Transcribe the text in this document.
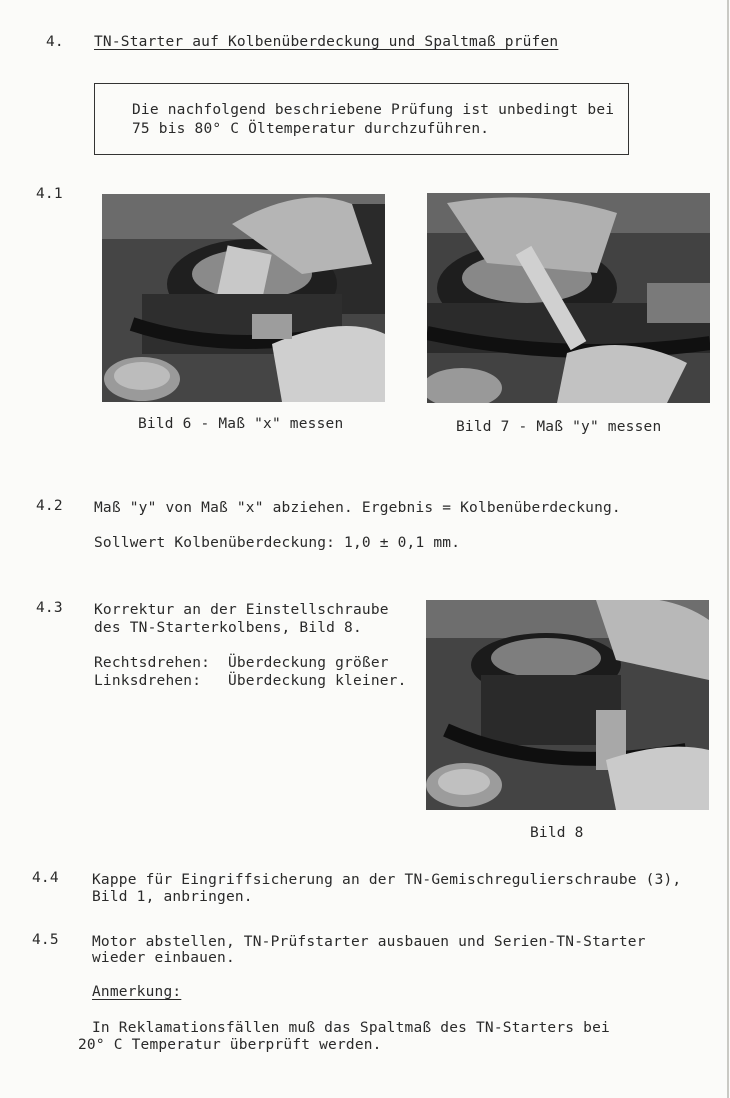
4. TN-Starter auf Kolbenüberdeckung und Spaltmaß prüfen
Die nachfolgend beschriebene Prüfung ist unbedingt bei
75 bis 80° C Öltemperatur durchzuführen.
4.1
Bild 6 - Maß "x" messen	Bild 7 - Maß "y" messen
4.2 Maß "y" von Maß "x" abziehen. Ergebnis = Kolbenüberdeckung.
Sollwert Kolbenüberdeckung: 1,0 ± 0,1 mm.
4.3 Korrektur an der Einstellschraube
des TN-Starterkolbens, Bild 8.
Rechtsdrehen:  Überdeckung größer
Linksdrehen:   Überdeckung kleiner.
Bild 8
4.4 Kappe für Eingriffsicherung an der TN-Gemischregulierschraube (3),
Bild 1, anbringen.
4.5 Motor abstellen, TN-Prüfstarter ausbauen und Serien-TN-Starter
wieder einbauen.
Anmerkung:
In Reklamationsfällen muß das Spaltmaß des TN-Starters bei
20° C Temperatur überprüft werden.
